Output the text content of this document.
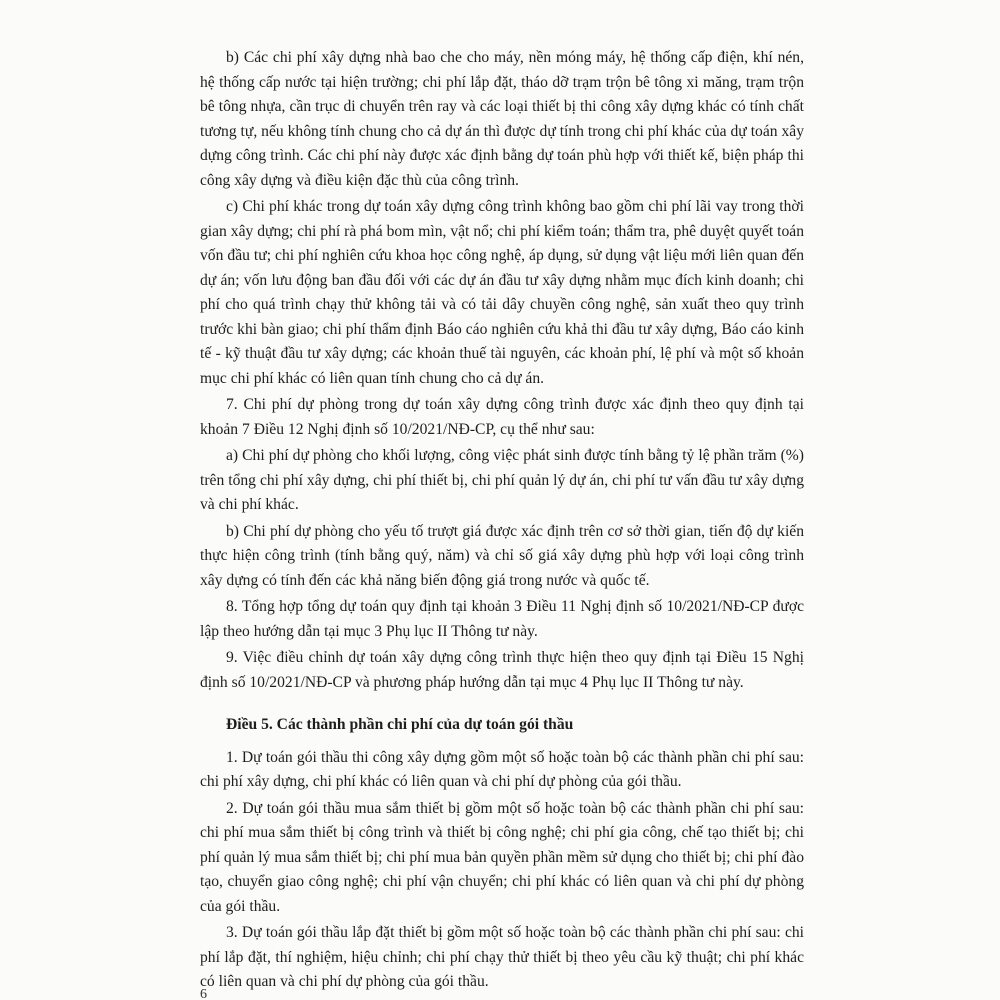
b) Các chi phí xây dựng nhà bao che cho máy, nền móng máy, hệ thống cấp điện, khí nén, hệ thống cấp nước tại hiện trường; chi phí lắp đặt, tháo dỡ trạm trộn bê tông xi măng, trạm trộn bê tông nhựa, cần trục di chuyển trên ray và các loại thiết bị thi công xây dựng khác có tính chất tương tự, nếu không tính chung cho cả dự án thì được dự tính trong chi phí khác của dự toán xây dựng công trình. Các chi phí này được xác định bằng dự toán phù hợp với thiết kế, biện pháp thi công xây dựng và điều kiện đặc thù của công trình.

c) Chi phí khác trong dự toán xây dựng công trình không bao gồm chi phí lãi vay trong thời gian xây dựng; chi phí rà phá bom mìn, vật nổ; chi phí kiểm toán; thẩm tra, phê duyệt quyết toán vốn đầu tư; chi phí nghiên cứu khoa học công nghệ, áp dụng, sử dụng vật liệu mới liên quan đến dự án; vốn lưu động ban đầu đối với các dự án đầu tư xây dựng nhằm mục đích kinh doanh; chi phí cho quá trình chạy thử không tải và có tải dây chuyền công nghệ, sản xuất theo quy trình trước khi bàn giao; chi phí thẩm định Báo cáo nghiên cứu khả thi đầu tư xây dựng, Báo cáo kinh tế - kỹ thuật đầu tư xây dựng; các khoản thuế tài nguyên, các khoản phí, lệ phí và một số khoản mục chi phí khác có liên quan tính chung cho cả dự án.

7. Chi phí dự phòng trong dự toán xây dựng công trình được xác định theo quy định tại khoản 7 Điều 12 Nghị định số 10/2021/NĐ-CP, cụ thể như sau:

a) Chi phí dự phòng cho khối lượng, công việc phát sinh được tính bằng tỷ lệ phần trăm (%) trên tổng chi phí xây dựng, chi phí thiết bị, chi phí quản lý dự án, chi phí tư vấn đầu tư xây dựng và chi phí khác.

b) Chi phí dự phòng cho yếu tố trượt giá được xác định trên cơ sở thời gian, tiến độ dự kiến thực hiện công trình (tính bằng quý, năm) và chỉ số giá xây dựng phù hợp với loại công trình xây dựng có tính đến các khả năng biến động giá trong nước và quốc tế.

8. Tổng hợp tổng dự toán quy định tại khoản 3 Điều 11 Nghị định số 10/2021/NĐ-CP được lập theo hướng dẫn tại mục 3 Phụ lục II Thông tư này.

9. Việc điều chỉnh dự toán xây dựng công trình thực hiện theo quy định tại Điều 15 Nghị định số 10/2021/NĐ-CP và phương pháp hướng dẫn tại mục 4 Phụ lục II Thông tư này.

Điều 5. Các thành phần chi phí của dự toán gói thầu

1. Dự toán gói thầu thi công xây dựng gồm một số hoặc toàn bộ các thành phần chi phí sau: chi phí xây dựng, chi phí khác có liên quan và chi phí dự phòng của gói thầu.

2. Dự toán gói thầu mua sắm thiết bị gồm một số hoặc toàn bộ các thành phần chi phí sau: chi phí mua sắm thiết bị công trình và thiết bị công nghệ; chi phí gia công, chế tạo thiết bị; chi phí quản lý mua sắm thiết bị; chi phí mua bản quyền phần mềm sử dụng cho thiết bị; chi phí đào tạo, chuyển giao công nghệ; chi phí vận chuyển; chi phí khác có liên quan và chi phí dự phòng của gói thầu.

3. Dự toán gói thầu lắp đặt thiết bị gồm một số hoặc toàn bộ các thành phần chi phí sau: chi phí lắp đặt, thí nghiệm, hiệu chỉnh; chi phí chạy thử thiết bị theo yêu cầu kỹ thuật; chi phí khác có liên quan và chi phí dự phòng của gói thầu.

6
